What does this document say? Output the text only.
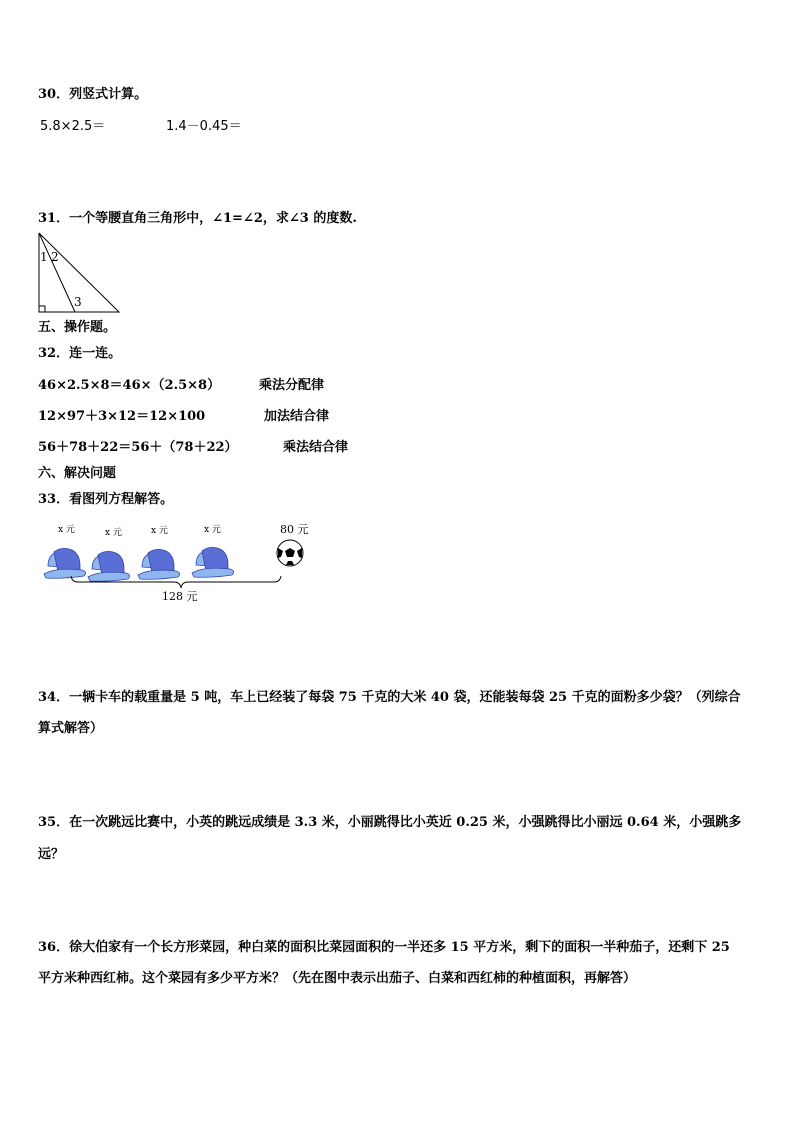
30．列竖式计算。
5.8×2.5＝	1.4－0.45＝
31．一个等腰直角三角形中，∠1=∠2，求∠3 的度数.
1 2
3
五、操作题。
32．连一连。
46×2.5×8＝46×（2.5×8）
12×97＋3×12＝12×100
56＋78＋22＝56＋（78＋22）
乘法分配律
加法结合律
乘法结合律
六、解决问题
33．看图列方程解答。
x 元	x 元	x 元	x 元	80 元
128 元
34．一辆卡车的载重量是 5 吨，车上已经装了每袋 75 千克的大米 40 袋，还能装每袋 25 千克的面粉多少袋？（列综合
算式解答）
35．在一次跳远比赛中，小英的跳远成绩是 3.3 米，小丽跳得比小英近 0.25 米，小强跳得比小丽远 0.64 米，小强跳多
远？
36．徐大伯家有一个长方形菜园，种白菜的面积比菜园面积的一半还多 15 平方米，剩下的面积一半种茄子，还剩下 25
平方米种西红柿。这个菜园有多少平方米？（先在图中表示出茄子、白菜和西红柿的种植面积，再解答）
